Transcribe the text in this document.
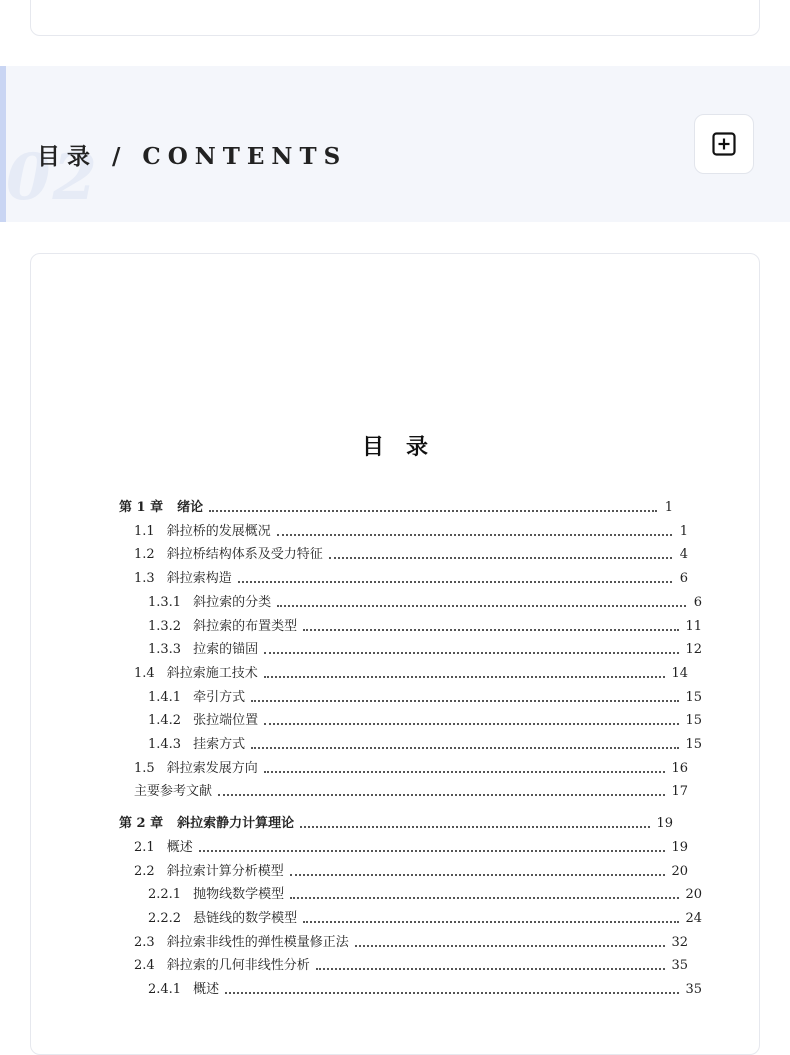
02
目录 / CONTENTS
目　录
第 1 章 绪论	1
1.1 斜拉桥的发展概况	1
1.2 斜拉桥结构体系及受力特征	4
1.3 斜拉索构造	6
1.3.1 斜拉索的分类	6
1.3.2 斜拉索的布置类型	11
1.3.3 拉索的锚固	12
1.4 斜拉索施工技术	14
1.4.1 牵引方式	15
1.4.2 张拉端位置	15
1.4.3 挂索方式	15
1.5 斜拉索发展方向	16
主要参考文献	17
第 2 章 斜拉索静力计算理论	19
2.1 概述	19
2.2 斜拉索计算分析模型	20
2.2.1 抛物线数学模型	20
2.2.2 悬链线的数学模型	24
2.3 斜拉索非线性的弹性模量修正法	32
2.4 斜拉索的几何非线性分析	35
2.4.1 概述	35
